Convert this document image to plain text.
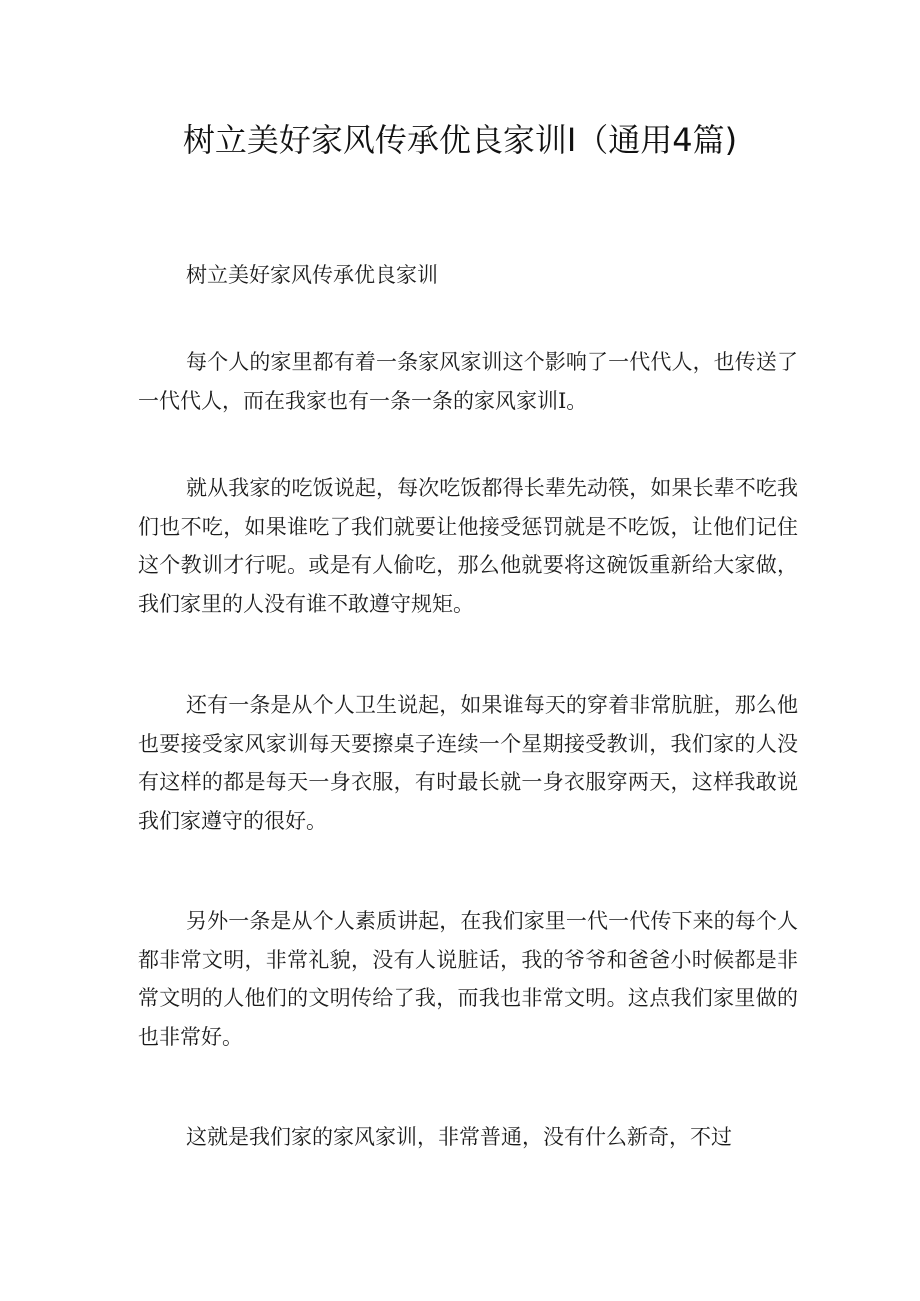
树立美好家风传承优良家训I（通用4篇)
树立美好家风传承优良家训

每个人的家里都有着一条家风家训这个影响了一代代人，也传送了一代代人，而在我家也有一条一条的家风家训I。

就从我家的吃饭说起，每次吃饭都得长辈先动筷，如果长辈不吃我们也不吃，如果谁吃了我们就要让他接受惩罚就是不吃饭，让他们记住这个教训才行呢。或是有人偷吃，那么他就要将这碗饭重新给大家做，我们家里的人没有谁不敢遵守规矩。

还有一条是从个人卫生说起，如果谁每天的穿着非常肮脏，那么他也要接受家风家训每天要擦桌子连续一个星期接受教训，我们家的人没有这样的都是每天一身衣服，有时最长就一身衣服穿两天，这样我敢说我们家遵守的很好。

另外一条是从个人素质讲起，在我们家里一代一代传下来的每个人都非常文明，非常礼貌，没有人说脏话，我的爷爷和爸爸小时候都是非常文明的人他们的文明传给了我，而我也非常文明。这点我们家里做的也非常好。

这就是我们家的家风家训，非常普通，没有什么新奇，不过
